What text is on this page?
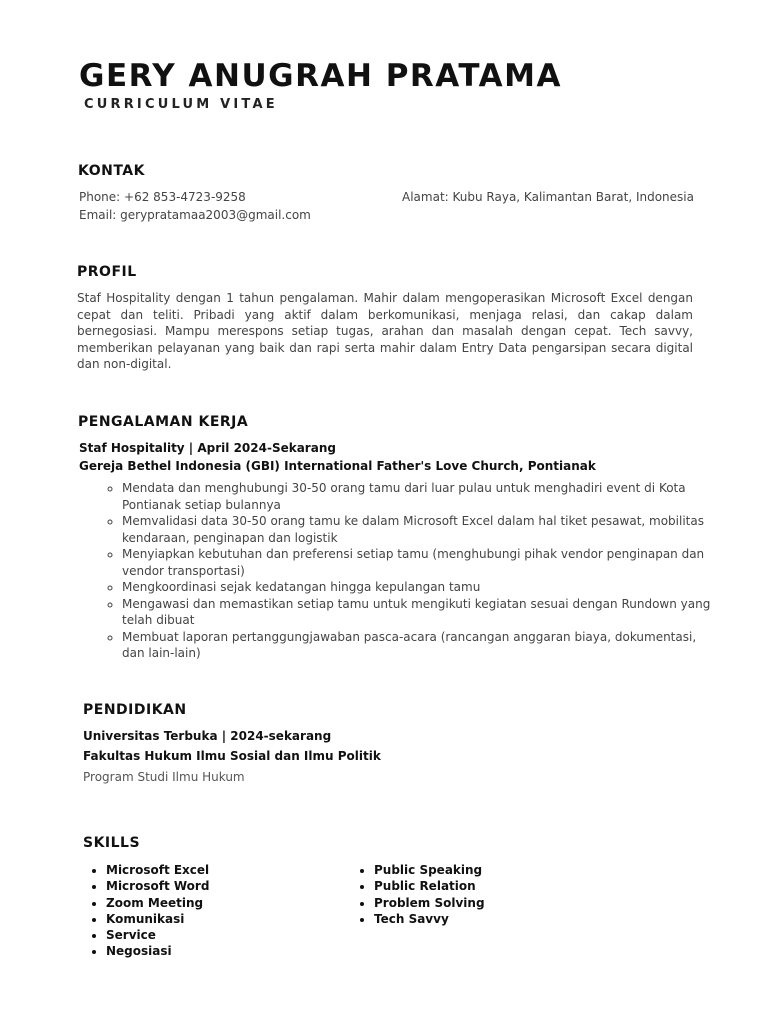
GERY ANUGRAH PRATAMA
CURRICULUM VITAE
KONTAK
Phone: +62 853-4723-9258
Email: gerypratamaa2003@gmail.com
Alamat: Kubu Raya, Kalimantan Barat, Indonesia
PROFIL
Staf Hospitality dengan 1 tahun pengalaman. Mahir dalam mengoperasikan Microsoft Excel dengan cepat dan teliti. Pribadi yang aktif dalam berkomunikasi, menjaga relasi, dan cakap dalam bernegosiasi. Mampu merespons setiap tugas, arahan dan masalah dengan cepat. Tech savvy, memberikan pelayanan yang baik dan rapi serta mahir dalam Entry Data pengarsipan secara digital dan non-digital.
PENGALAMAN KERJA
Staf Hospitality | April 2024-Sekarang
Gereja Bethel Indonesia (GBI) International Father's Love Church, Pontianak
◦ Mendata dan menghubungi 30-50 orang tamu dari luar pulau untuk menghadiri event di Kota Pontianak setiap bulannya
◦ Memvalidasi data 30-50 orang tamu ke dalam Microsoft Excel dalam hal tiket pesawat, mobilitas kendaraan, penginapan dan logistik
◦ Menyiapkan kebutuhan dan preferensi setiap tamu (menghubungi pihak vendor penginapan dan vendor transportasi)
◦ Mengkoordinasi sejak kedatangan hingga kepulangan tamu
◦ Mengawasi dan memastikan setiap tamu untuk mengikuti kegiatan sesuai dengan Rundown yang telah dibuat
◦ Membuat laporan pertanggungjawaban pasca-acara (rancangan anggaran biaya, dokumentasi, dan lain-lain)
PENDIDIKAN
Universitas Terbuka | 2024-sekarang
Fakultas Hukum Ilmu Sosial dan Ilmu Politik
Program Studi Ilmu Hukum
SKILLS
• Microsoft Excel
• Microsoft Word
• Zoom Meeting
• Komunikasi
• Service
• Negosiasi
• Public Speaking
• Public Relation
• Problem Solving
• Tech Savvy
